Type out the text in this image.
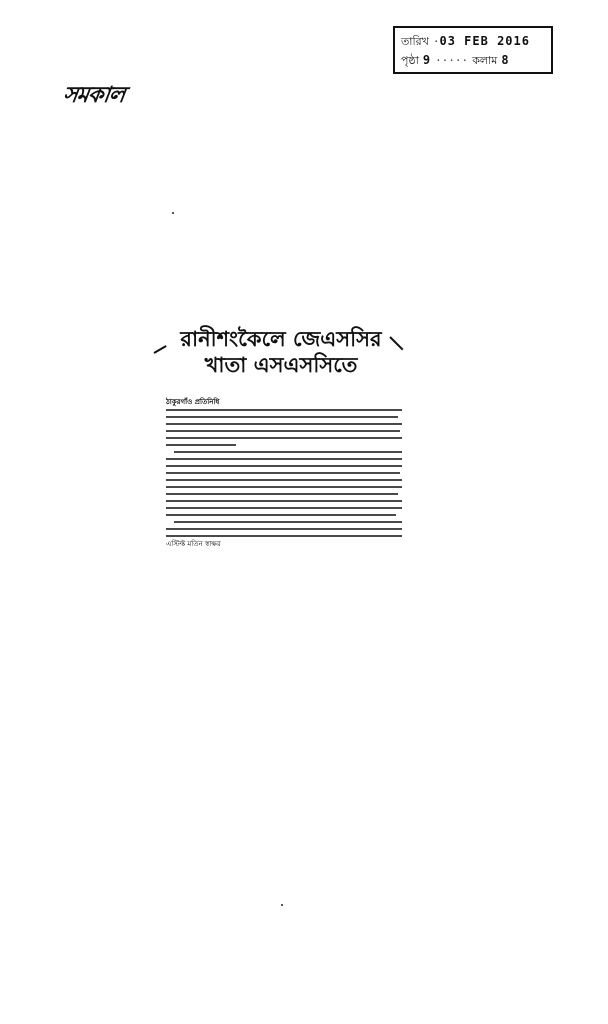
তারিখ · 03 FEB 2016
পৃষ্ঠা 9 ····· কলাম 8
সমকাল
রানীশংকৈলে জেএসসির
খাতা এসএসসিতে
ঠাকুরগাঁও প্রতিনিধি
এস্টিফ্ট মতিন স্বাক্ষর
